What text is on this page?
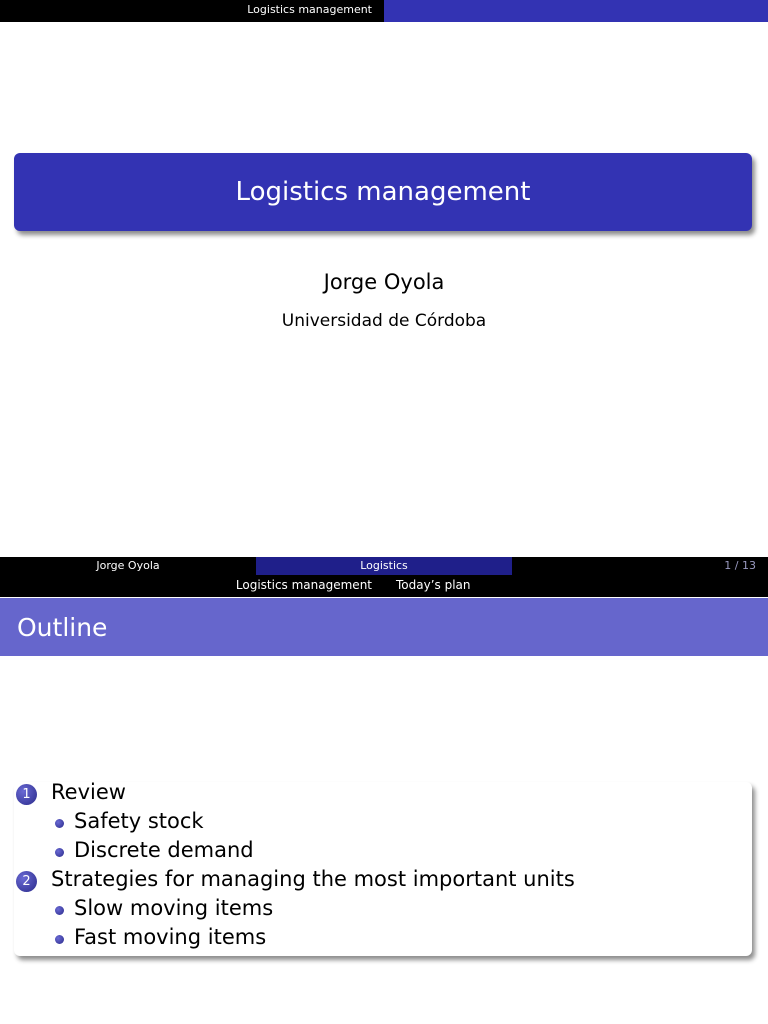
Logistics management
Logistics management
Jorge Oyola
Universidad de Córdoba
Jorge Oyola	Logistics	1 / 13
Logistics management	Today’s plan
Outline
1 Review
Safety stock
Discrete demand
2 Strategies for managing the most important units
Slow moving items
Fast moving items
